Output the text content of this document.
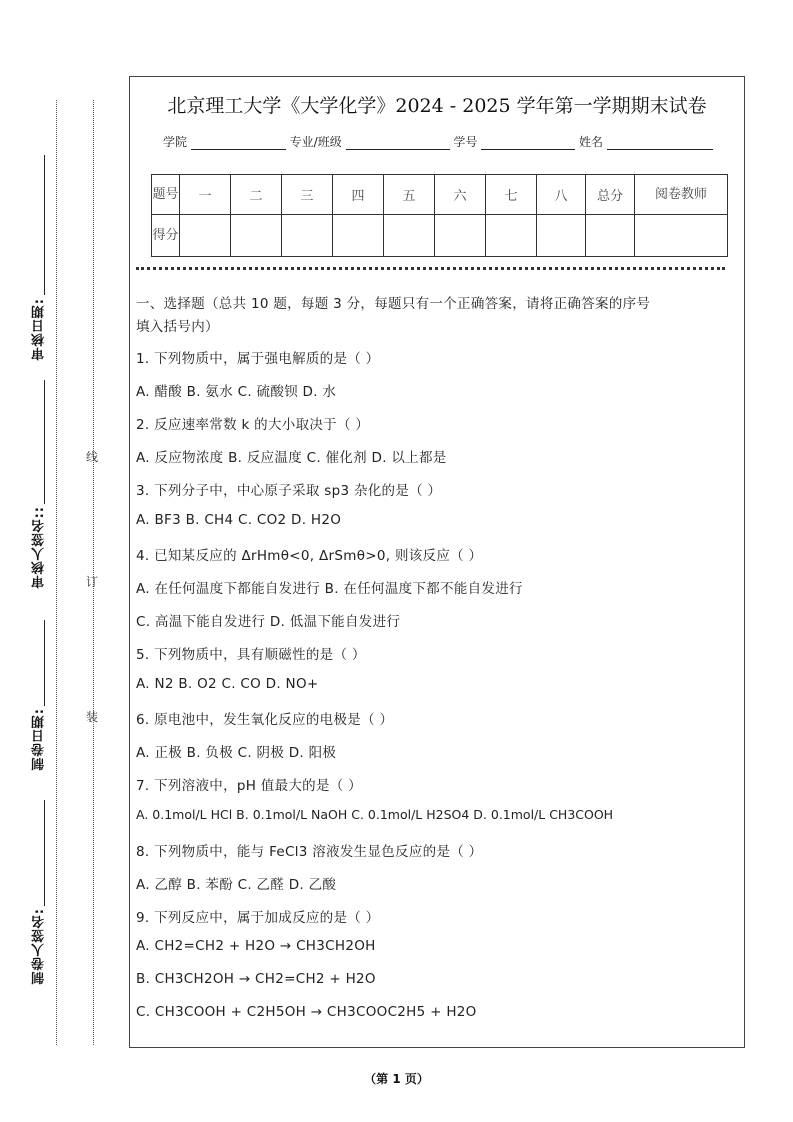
审核日期:
审核人签名::
制卷日期:
制卷人签名:
线
订
装
北京理工大学《大学化学》2024 - 2025 学年第一学期期末试卷
学院	专业/班级	学号	姓名
题号	一	二	三	四	五	六	七	八	总分	阅卷教师
得分										
一、选择题（总共 10 题，每题 3 分，每题只有一个正确答案，请将正确答案的序号
填入括号内）
1. 下列物质中，属于强电解质的是（ ）
A. 醋酸 B. 氨水 C. 硫酸钡 D. 水
2. 反应速率常数 k 的大小取决于（ ）
A. 反应物浓度 B. 反应温度 C. 催化剂 D. 以上都是
3. 下列分子中，中心原子采取 sp3 杂化的是（ ）
A. BF3 B. CH4 C. CO2 D. H2O
4. 已知某反应的 ΔrHmθ<0, ΔrSmθ>0, 则该反应（ ）
A. 在任何温度下都能自发进行 B. 在任何温度下都不能自发进行
C. 高温下能自发进行 D. 低温下能自发进行
5. 下列物质中，具有顺磁性的是（ ）
A. N2 B. O2 C. CO D. NO+
6. 原电池中，发生氧化反应的电极是（ ）
A. 正极 B. 负极 C. 阴极 D. 阳极
7. 下列溶液中，pH 值最大的是（ ）
A. 0.1mol/L HCl B. 0.1mol/L NaOH C. 0.1mol/L H2SO4 D. 0.1mol/L CH3COOH
8. 下列物质中，能与 FeCl3 溶液发生显色反应的是（ ）
A. 乙醇 B. 苯酚 C. 乙醛 D. 乙酸
9. 下列反应中，属于加成反应的是（ ）
A. CH2=CH2 + H2O → CH3CH2OH
B. CH3CH2OH → CH2=CH2 + H2O
C. CH3COOH + C2H5OH → CH3COOC2H5 + H2O
（第 1 页）
